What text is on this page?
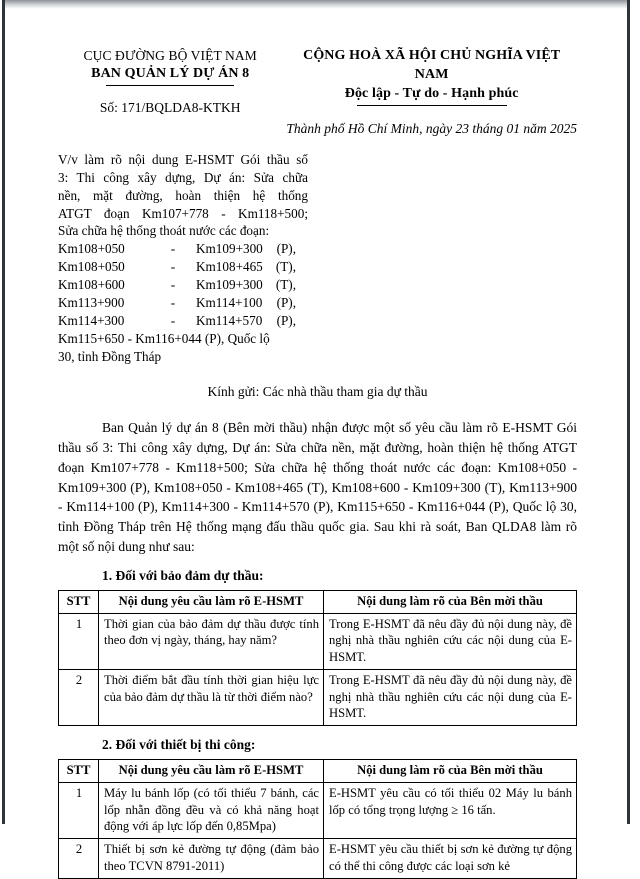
CỤC ĐƯỜNG BỘ VIỆT NAM
BAN QUẢN LÝ DỰ ÁN 8
Số: 171/BQLDA8-KTKH
CỘNG HOÀ XÃ HỘI CHỦ NGHĨA VIỆT NAM
Độc lập - Tự do - Hạnh phúc
Thành phố Hồ Chí Minh, ngày 23 tháng 01 năm 2025
V/v làm rõ nội dung E-HSMT Gói thầu số
3: Thi công xây dựng, Dự án: Sửa chữa
nền, mặt đường, hoàn thiện hệ thống
ATGT đoạn Km107+778 - Km118+500;
Sửa chữa hệ thống thoát nước các đoạn:
Km108+050	-	Km109+300	(P),
Km108+050	-	Km108+465 (T),
Km108+600	-	Km109+300 (T),
Km113+900	-	Km114+100	(P),
Km114+300	-	Km114+570	(P),
Km115+650 - Km116+044 (P), Quốc lộ
30, tỉnh Đồng Tháp
Kính gửi: Các nhà thầu tham gia dự thầu
Ban Quản lý dự án 8 (Bên mời thầu) nhận được một số yêu cầu làm rõ E-HSMT Gói thầu số 3: Thi công xây dựng, Dự án: Sửa chữa nền, mặt đường, hoàn thiện hệ thống ATGT đoạn Km107+778 - Km118+500; Sửa chữa hệ thống thoát nước các đoạn: Km108+050 - Km109+300 (P), Km108+050 - Km108+465 (T), Km108+600 - Km109+300 (T), Km113+900 - Km114+100 (P), Km114+300 - Km114+570 (P), Km115+650 - Km116+044 (P), Quốc lộ 30, tỉnh Đồng Tháp trên Hệ thống mạng đấu thầu quốc gia. Sau khi rà soát, Ban QLDA8 làm rõ một số nội dung như sau:
1. Đối với bảo đảm dự thầu:
STT	Nội dung yêu cầu làm rõ E-HSMT	Nội dung làm rõ của Bên mời thầu
1	Thời gian của bảo đảm dự thầu được tính theo đơn vị ngày, tháng, hay năm?	Trong E-HSMT đã nêu đầy đủ nội dung này, đề nghị nhà thầu nghiên cứu các nội dung của E-HSMT.
2	Thời điểm bắt đầu tính thời gian hiệu lực của bảo đảm dự thầu là từ thời điểm nào?	Trong E-HSMT đã nêu đầy đủ nội dung này, đề nghị nhà thầu nghiên cứu các nội dung của E-HSMT.
2. Đối với thiết bị thi công:
STT	Nội dung yêu cầu làm rõ E-HSMT	Nội dung làm rõ của Bên mời thầu
1	Máy lu bánh lốp (có tối thiểu 7 bánh, các lốp nhẵn đồng đều và có khả năng hoạt động với áp lực lốp đến 0,85Mpa)	E-HSMT yêu cầu có tối thiểu 02 Máy lu bánh lốp có tổng trọng lượng ≥ 16 tấn.
2	Thiết bị sơn kẻ đường tự động (đảm bảo theo TCVN 8791-2011)	E-HSMT yêu cầu thiết bị sơn kẻ đường tự động có thể thi công được các loại sơn kẻ
